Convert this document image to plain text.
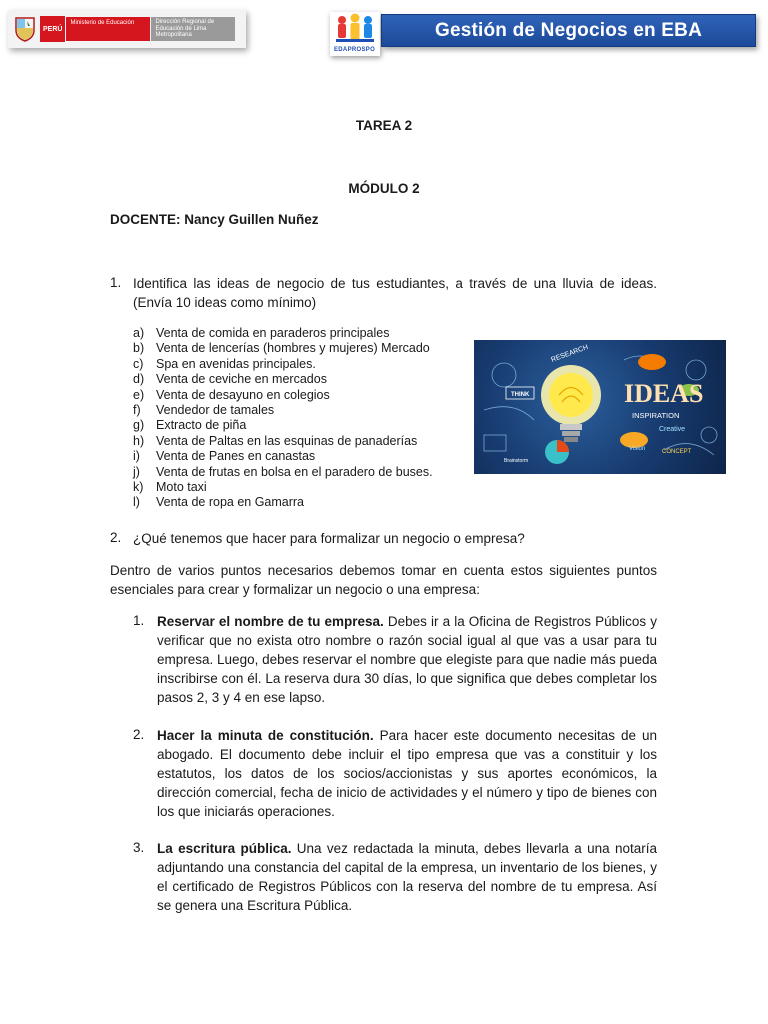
PERÚ
Ministerio de Educación	Dirección Regional de Educación de Lima Metropolitana
EDAPROSPO
Gestión de Negocios en EBA
TAREA 2
MÓDULO 2
DOCENTE: Nancy Guillen Nuñez
1. Identifica las ideas de negocio de tus estudiantes, a través de una lluvia de ideas. (Envía 10 ideas como mínimo)
a) Venta de comida en paraderos principales
b) Venta de lencerías (hombres y mujeres) Mercado
c) Spa en avenidas principales.
d) Venta de ceviche en mercados
e) Venta de desayuno en colegios
f) Vendedor de tamales
g) Extracto de piña
h) Venta de Paltas en las esquinas de panaderías
i) Venta de Panes en canastas
j) Venta de frutas en bolsa en el paradero de buses.
k) Moto taxi
l) Venta de ropa en Gamarra
RESEARCH
IDEAS
INSPIRATION
Creative
Vision	CONCEPT
THINK
Brainstorm
2. ¿Qué tenemos que hacer para formalizar un negocio o empresa?
Dentro de varios puntos necesarios debemos tomar en cuenta estos siguientes puntos esenciales para crear y formalizar un negocio o una empresa:
1. Reservar el nombre de tu empresa. Debes ir a la Oficina de Registros Públicos y verificar que no exista otro nombre o razón social igual al que vas a usar para tu empresa. Luego, debes reservar el nombre que elegiste para que nadie más pueda inscribirse con él. La reserva dura 30 días, lo que significa que debes completar los pasos 2, 3 y 4 en ese lapso.
2. Hacer la minuta de constitución. Para hacer este documento necesitas de un abogado. El documento debe incluir el tipo empresa que vas a constituir y los estatutos, los datos de los socios/accionistas y sus aportes económicos, la dirección comercial, fecha de inicio de actividades y el número y tipo de bienes con los que iniciarás operaciones.
3. La escritura pública. Una vez redactada la minuta, debes llevarla a una notaría adjuntando una constancia del capital de la empresa, un inventario de los bienes, y el certificado de Registros Públicos con la reserva del nombre de tu empresa. Así se genera una Escritura Pública.
